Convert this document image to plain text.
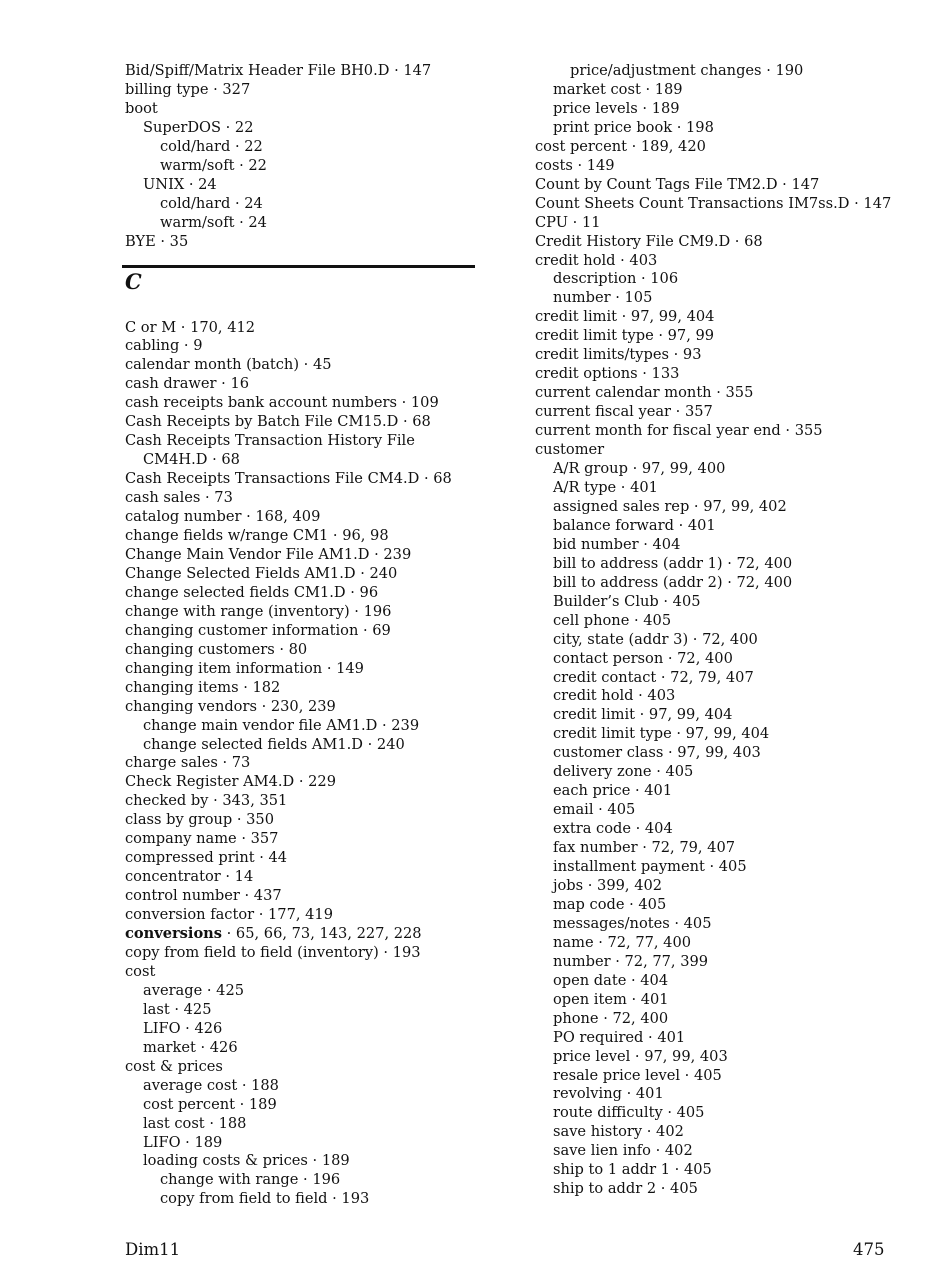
Bid/Spiff/Matrix Header File BH0.D · 147
billing type · 327
boot
SuperDOS · 22
cold/hard · 22
warm/soft · 22
UNIX · 24
cold/hard · 24
warm/soft · 24
BYE · 35
C
C or M · 170, 412
cabling · 9
calendar month (batch) · 45
cash drawer · 16
cash receipts bank account numbers · 109
Cash Receipts by Batch File CM15.D · 68
Cash Receipts Transaction History File CM4H.D · 68
Cash Receipts Transactions File CM4.D · 68
cash sales · 73
catalog number · 168, 409
change fields w/range CM1 · 96, 98
Change Main Vendor File AM1.D · 239
Change Selected Fields AM1.D · 240
change selected fields CM1.D · 96
change with range (inventory) · 196
changing customer information · 69
changing customers · 80
changing item information · 149
changing items · 182
changing vendors · 230, 239
change main vendor file AM1.D · 239
change selected fields AM1.D · 240
charge sales · 73
Check Register AM4.D · 229
checked by · 343, 351
class by group · 350
company name · 357
compressed print · 44
concentrator · 14
control number · 437
conversion factor · 177, 419
conversions · 65, 66, 73, 143, 227, 228
copy from field to field (inventory) · 193
cost
average · 425
last · 425
LIFO · 426
market · 426
cost & prices
average cost · 188
cost percent · 189
last cost · 188
LIFO · 189
loading costs & prices · 189
change with range · 196
copy from field to field · 193
price/adjustment changes · 190
market cost · 189
price levels · 189
print price book · 198
cost percent · 189, 420
costs · 149
Count by Count Tags File TM2.D · 147
Count Sheets Count Transactions IM7ss.D · 147
CPU · 11
Credit History File CM9.D · 68
credit hold · 403
description · 106
number · 105
credit limit · 97, 99, 404
credit limit type · 97, 99
credit limits/types · 93
credit options · 133
current calendar month · 355
current fiscal year · 357
current month for fiscal year end · 355
customer
A/R group · 97, 99, 400
A/R type · 401
assigned sales rep · 97, 99, 402
balance forward · 401
bid number · 404
bill to address (addr 1) · 72, 400
bill to address (addr 2) · 72, 400
Builder’s Club · 405
cell phone · 405
city, state (addr 3) · 72, 400
contact person · 72, 400
credit contact · 72, 79, 407
credit hold · 403
credit limit · 97, 99, 404
credit limit type · 97, 99, 404
customer class · 97, 99, 403
delivery zone · 405
each price · 401
email · 405
extra code · 404
fax number · 72, 79, 407
installment payment · 405
jobs · 399, 402
map code · 405
messages/notes · 405
name · 72, 77, 400
number · 72, 77, 399
open date · 404
open item · 401
phone · 72, 400
PO required · 401
price level · 97, 99, 403
resale price level · 405
revolving · 401
route difficulty · 405
save history · 402
save lien info · 402
ship to 1 addr 1 · 405
ship to addr 2 · 405
Dim11	475
